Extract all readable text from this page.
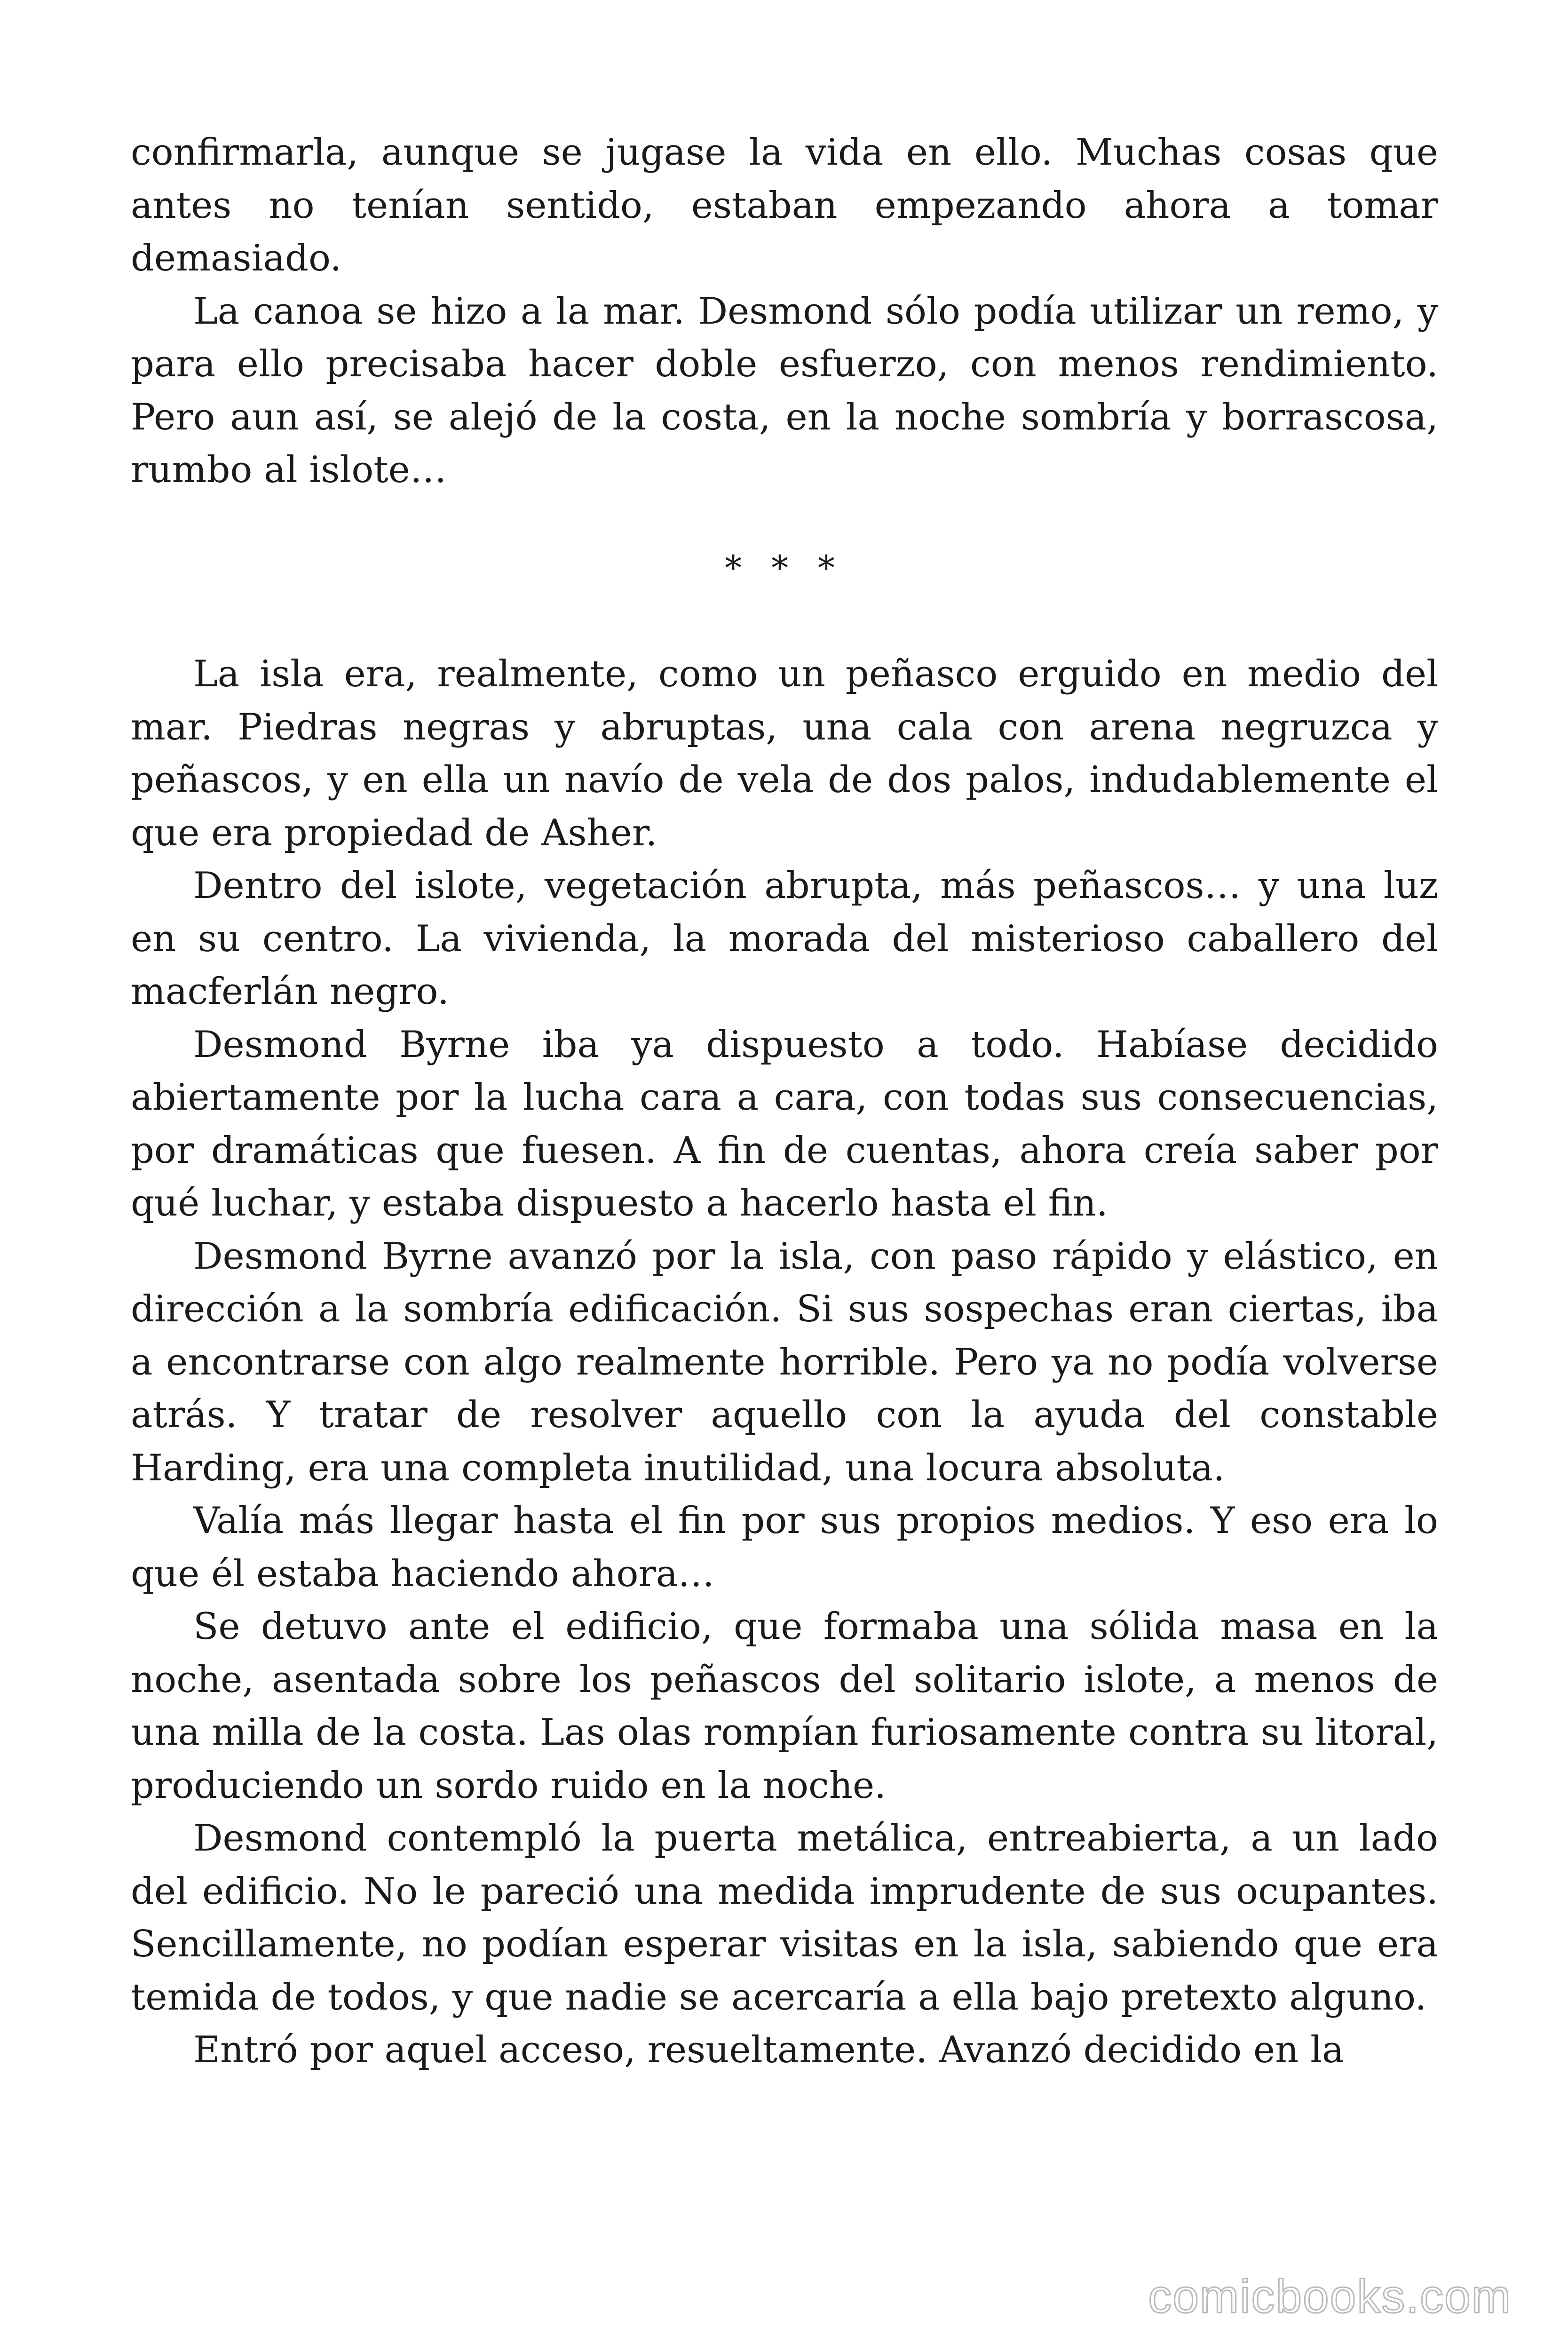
confirmarla, aunque se jugase la vida en ello. Muchas cosas que antes no tenían sentido, estaban empezando ahora a tomar demasiado.

La canoa se hizo a la mar. Desmond sólo podía utilizar un remo, y para ello precisaba hacer doble esfuerzo, con menos rendimiento. Pero aun así, se alejó de la costa, en la noche sombría y borrascosa, rumbo al islote…

* * *

La isla era, realmente, como un peñasco erguido en medio del mar. Piedras negras y abruptas, una cala con arena negruzca y peñascos, y en ella un navío de vela de dos palos, indudablemente el que era propiedad de Asher.

Dentro del islote, vegetación abrupta, más peñascos… y una luz en su centro. La vivienda, la morada del misterioso caballero del macferlán negro.

Desmond Byrne iba ya dispuesto a todo. Habíase decidido abiertamente por la lucha cara a cara, con todas sus consecuencias, por dramáticas que fuesen. A fin de cuentas, ahora creía saber por qué luchar, y estaba dispuesto a hacerlo hasta el fin.

Desmond Byrne avanzó por la isla, con paso rápido y elástico, en dirección a la sombría edificación. Si sus sospechas eran ciertas, iba a encontrarse con algo realmente horrible. Pero ya no podía volverse atrás. Y tratar de resolver aquello con la ayuda del constable Harding, era una completa inutilidad, una locura absoluta.

Valía más llegar hasta el fin por sus propios medios. Y eso era lo que él estaba haciendo ahora…

Se detuvo ante el edificio, que formaba una sólida masa en la noche, asentada sobre los peñascos del solitario islote, a menos de una milla de la costa. Las olas rompían furiosamente contra su litoral, produciendo un sordo ruido en la noche.

Desmond contempló la puerta metálica, entreabierta, a un lado del edificio. No le pareció una medida imprudente de sus ocupantes. Sencillamente, no podían esperar visitas en la isla, sabiendo que era temida de todos, y que nadie se acercaría a ella bajo pretexto alguno.

Entró por aquel acceso, resueltamente. Avanzó decidido en la

comicbooks.com
